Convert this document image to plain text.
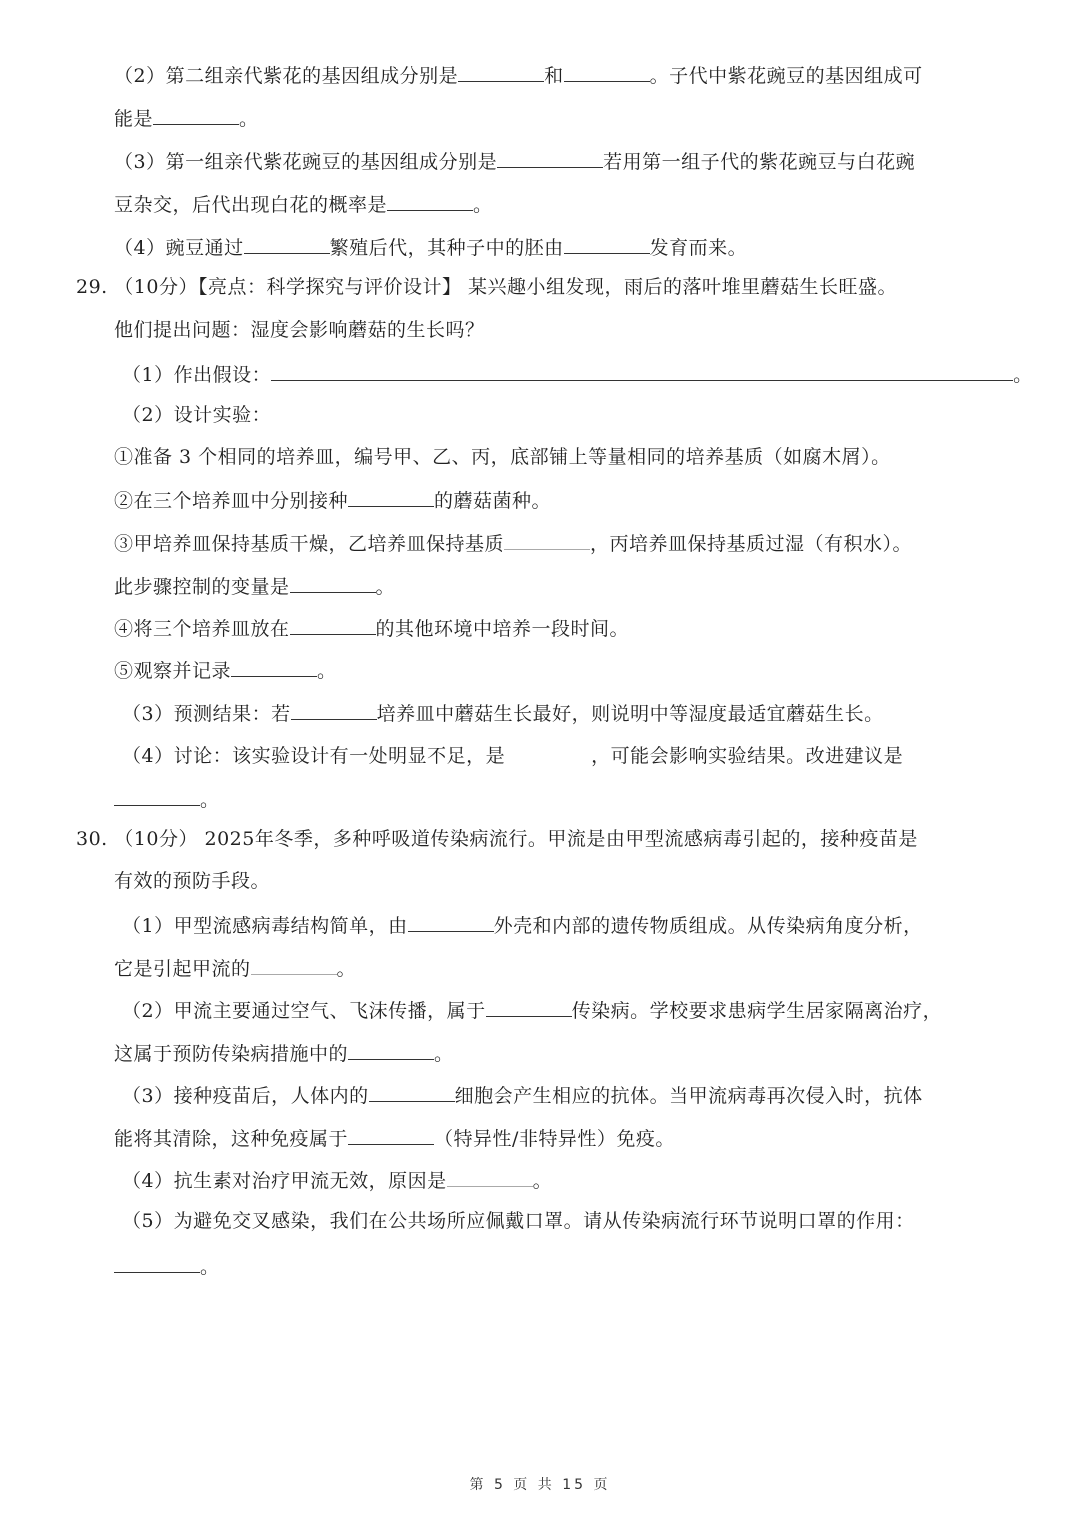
（2）第二组亲代紫花的基因组成分别是	和	。子代中紫花豌豆的基因组成可
能是	。
（3）第一组亲代紫花豌豆的基因组成分别是	若用第一组子代的紫花豌豆与白花豌
豆杂交，后代出现白花的概率是	。
（4）豌豆通过	繁殖后代，其种子中的胚由	发育而来。
29. （10分）【亮点：科学探究与评价设计】 某兴趣小组发现，雨后的落叶堆里蘑菇生长旺盛。
他们提出问题：湿度会影响蘑菇的生长吗？
（1）作出假设：	。
（2）设计实验：
①准备 3 个相同的培养皿，编号甲、乙、丙，底部铺上等量相同的培养基质（如腐木屑）。
②在三个培养皿中分别接种	的蘑菇菌种。
③甲培养皿保持基质干燥，乙培养皿保持基质	，丙培养皿保持基质过湿（有积水）。
此步骤控制的变量是	。
④将三个培养皿放在	的其他环境中培养一段时间。
⑤观察并记录	。
（3）预测结果：若	培养皿中蘑菇生长最好，则说明中等湿度最适宜蘑菇生长。
（4）讨论：该实验设计有一处明显不足，是	，可能会影响实验结果。改进建议是
。
30. （10分） 2025年冬季，多种呼吸道传染病流行。甲流是由甲型流感病毒引起的，接种疫苗是
有效的预防手段。
（1）甲型流感病毒结构简单，由	外壳和内部的遗传物质组成。从传染病角度分析，
它是引起甲流的	。
（2）甲流主要通过空气、飞沫传播，属于	传染病。学校要求患病学生居家隔离治疗，
这属于预防传染病措施中的	。
（3）接种疫苗后，人体内的	细胞会产生相应的抗体。当甲流病毒再次侵入时，抗体
能将其清除，这种免疫属于	（特异性/非特异性）免疫。
（4）抗生素对治疗甲流无效，原因是	。
（5）为避免交叉感染，我们在公共场所应佩戴口罩。请从传染病流行环节说明口罩的作用：
。
第 5 页 共 15 页
